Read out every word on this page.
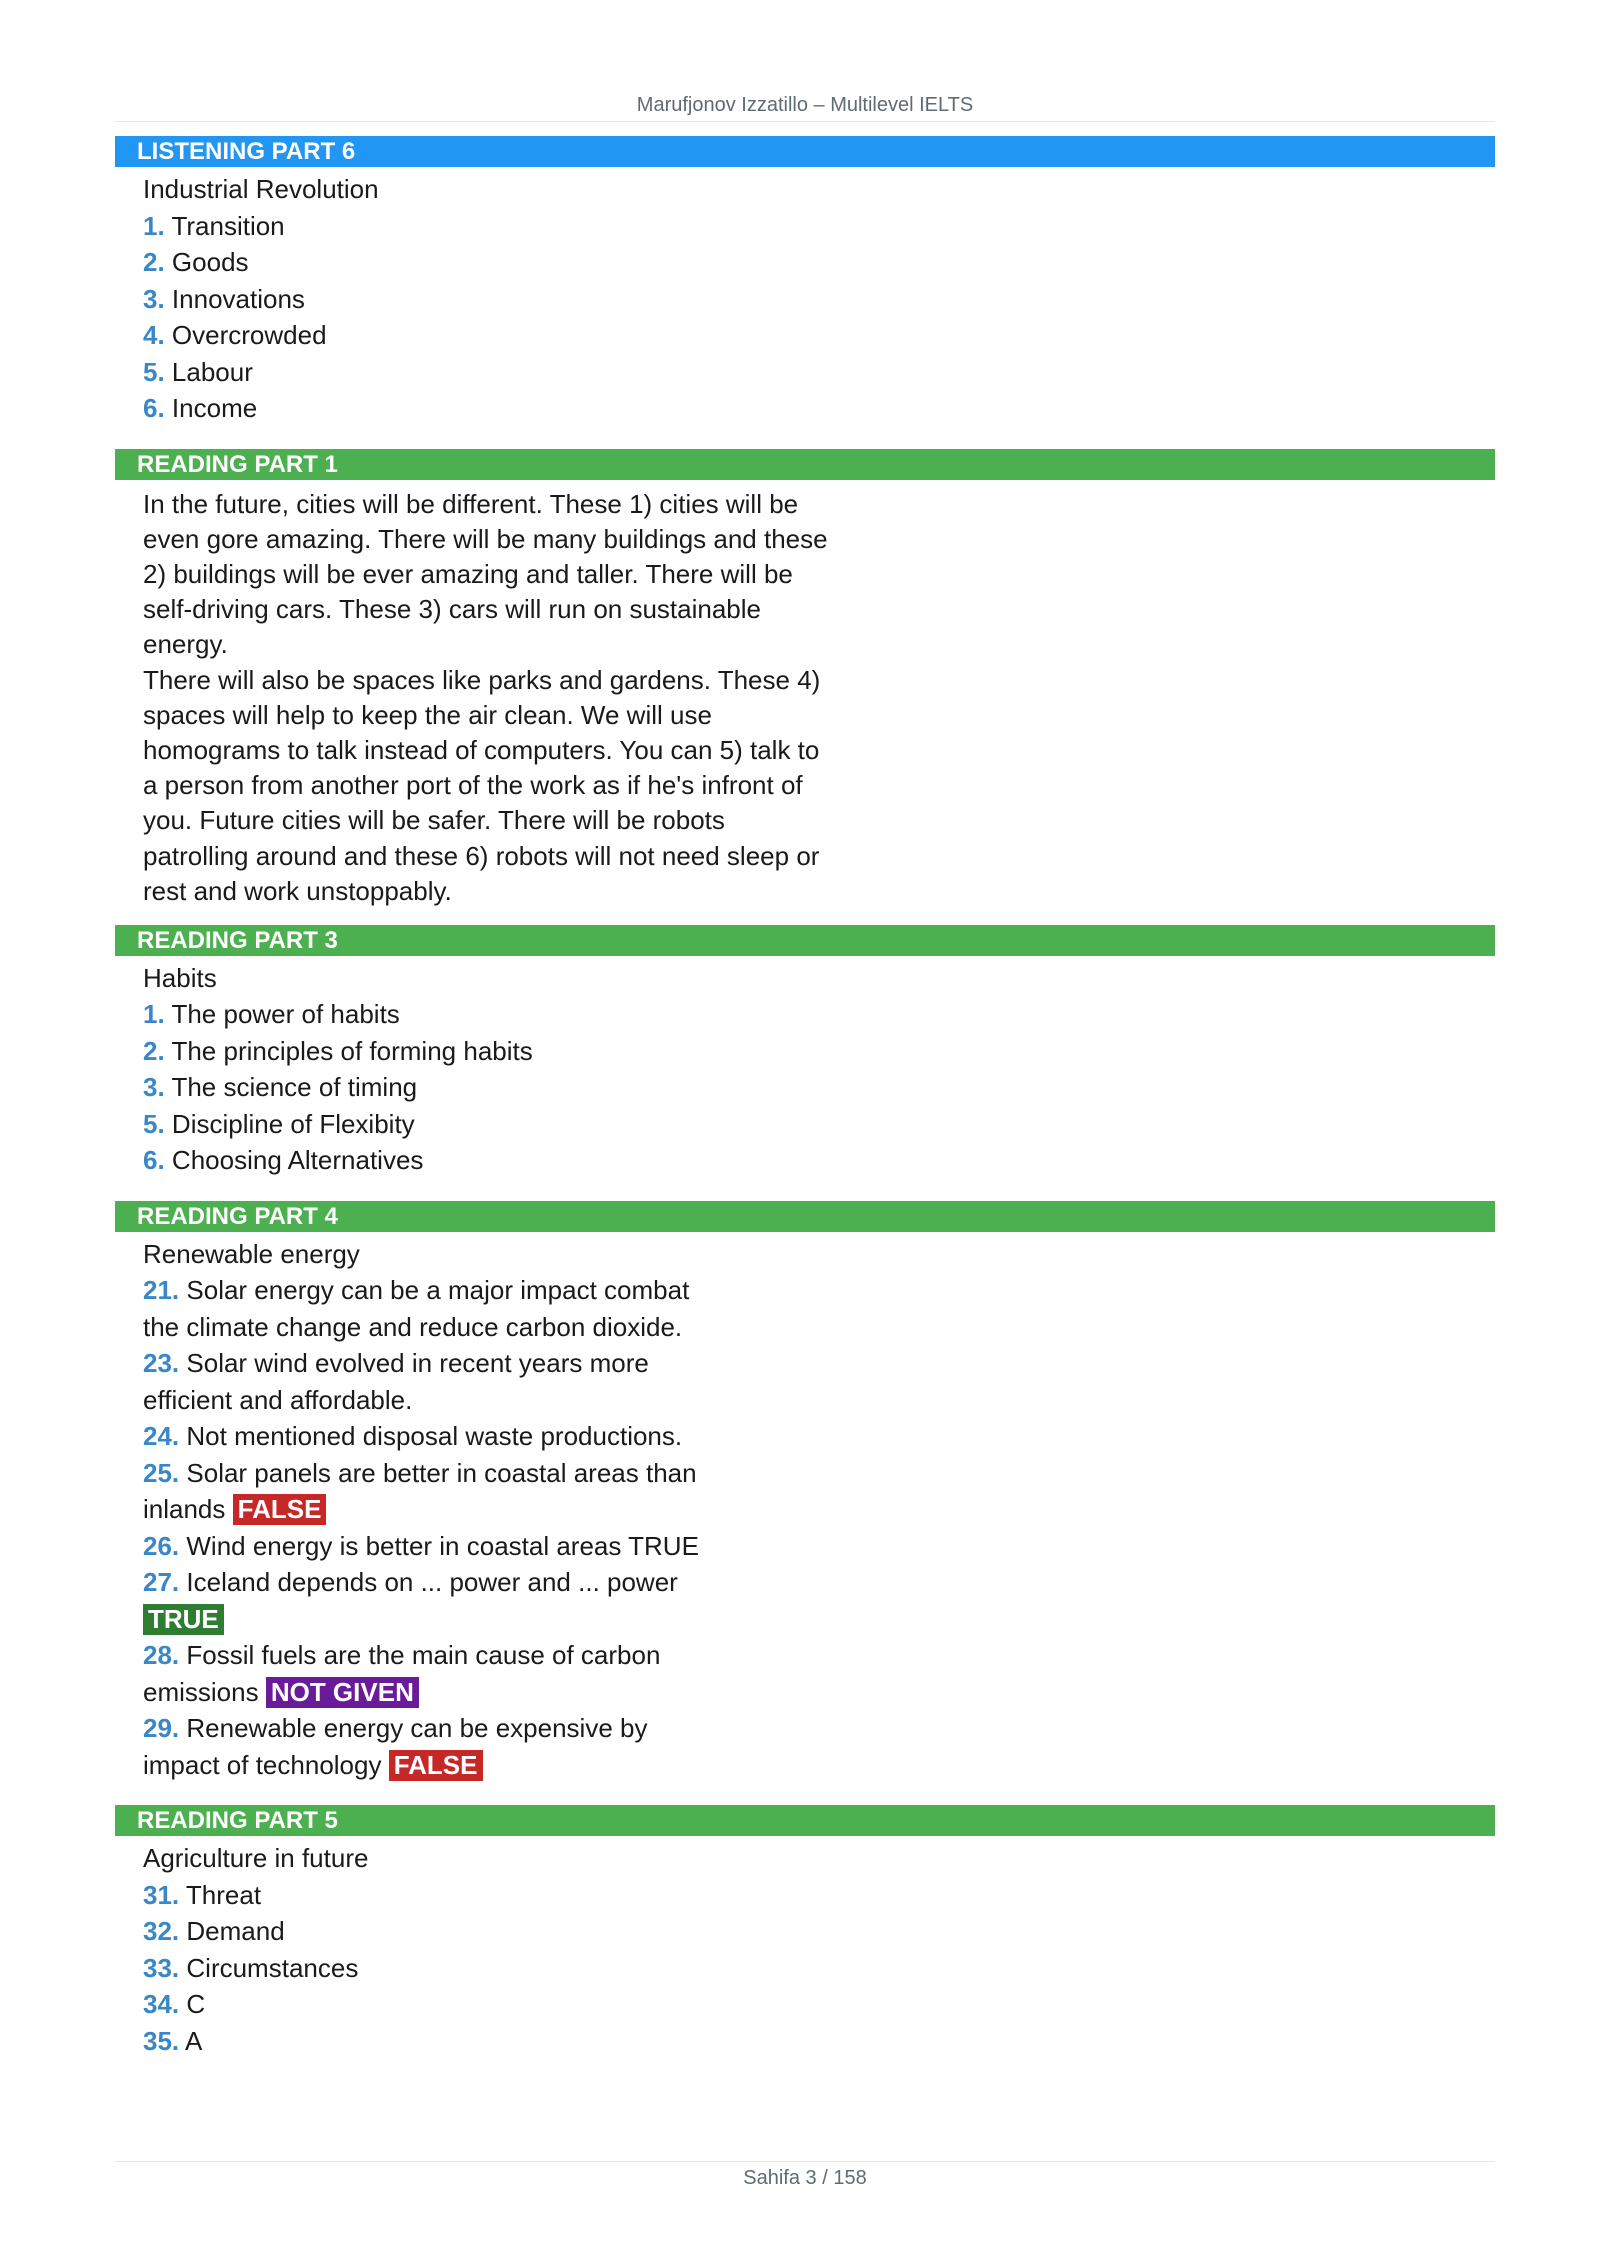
Marufjonov Izzatillo – Multilevel IELTS
LISTENING PART 6
Industrial Revolution
1. Transition
2. Goods
3. Innovations
4. Overcrowded
5. Labour
6. Income
READING PART 1

In the future, cities will be different. These 1) cities will be even gore amazing. There will be many buildings and these 2) buildings will be ever amazing and taller. There will be self-driving cars. These 3) cars will run on sustainable energy.

There will also be spaces like parks and gardens. These 4) spaces will help to keep the air clean. We will use homograms to talk instead of computers. You can 5) talk to a person from another port of the work as if he's infront of you. Future cities will be safer. There will be robots patrolling around and these 6) robots will not need sleep or rest and work unstoppably.

READING PART 3
Habits
1. The power of habits
2. The principles of forming habits
3. The science of timing
5. Discipline of Flexibity
6. Choosing Alternatives
READING PART 4
Renewable energy
21. Solar energy can be a major impact combat
the climate change and reduce carbon dioxide.
23. Solar wind evolved in recent years more
efficient and affordable.
24. Not mentioned disposal waste productions.
25. Solar panels are better in coastal areas than
inlands FALSE
26. Wind energy is better in coastal areas TRUE
27. Iceland depends on ... power and ... power
TRUE
28. Fossil fuels are the main cause of carbon
emissions NOT GIVEN
29. Renewable energy can be expensive by
impact of technology FALSE
READING PART 5
Agriculture in future
31. Threat
32. Demand
33. Circumstances
34. C
35. A
Sahifa 3 / 158
